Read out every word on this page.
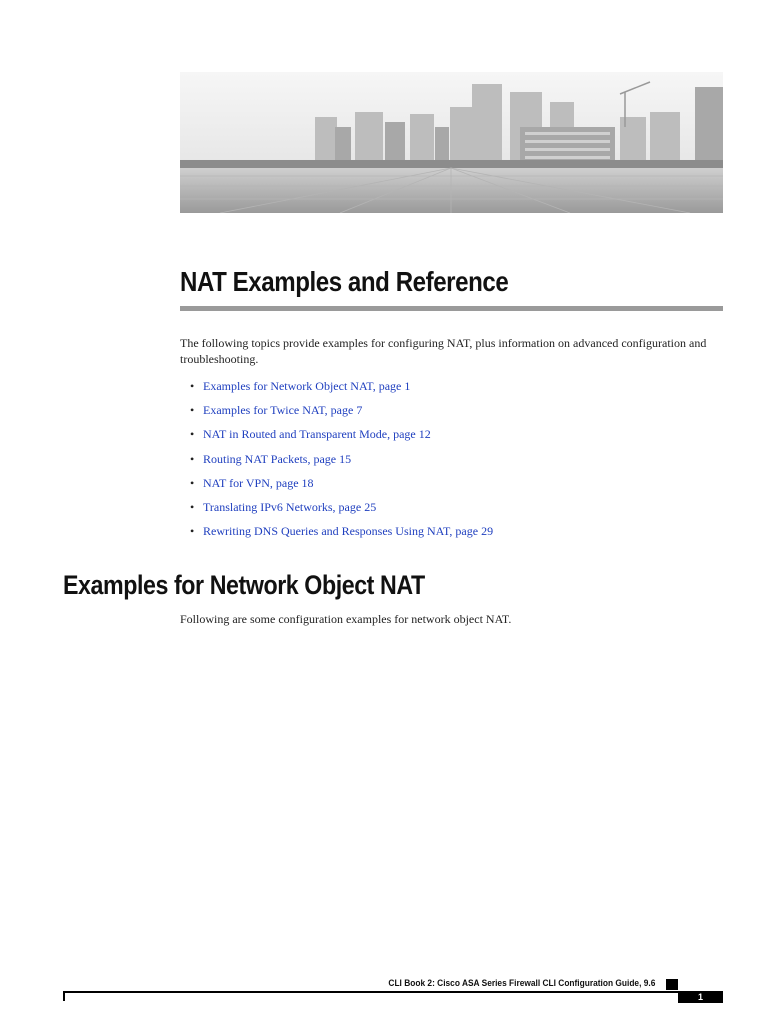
NAT Examples and Reference

The following topics provide examples for configuring NAT, plus information on advanced configuration and troubleshooting.

• Examples for Network Object NAT, page 1
• Examples for Twice NAT, page 7
• NAT in Routed and Transparent Mode, page 12
• Routing NAT Packets, page 15
• NAT for VPN, page 18
• Translating IPv6 Networks, page 25
• Rewriting DNS Queries and Responses Using NAT, page 29
Examples for Network Object NAT

Following are some configuration examples for network object NAT.

CLI Book 2: Cisco ASA Series Firewall CLI Configuration Guide, 9.6
1
